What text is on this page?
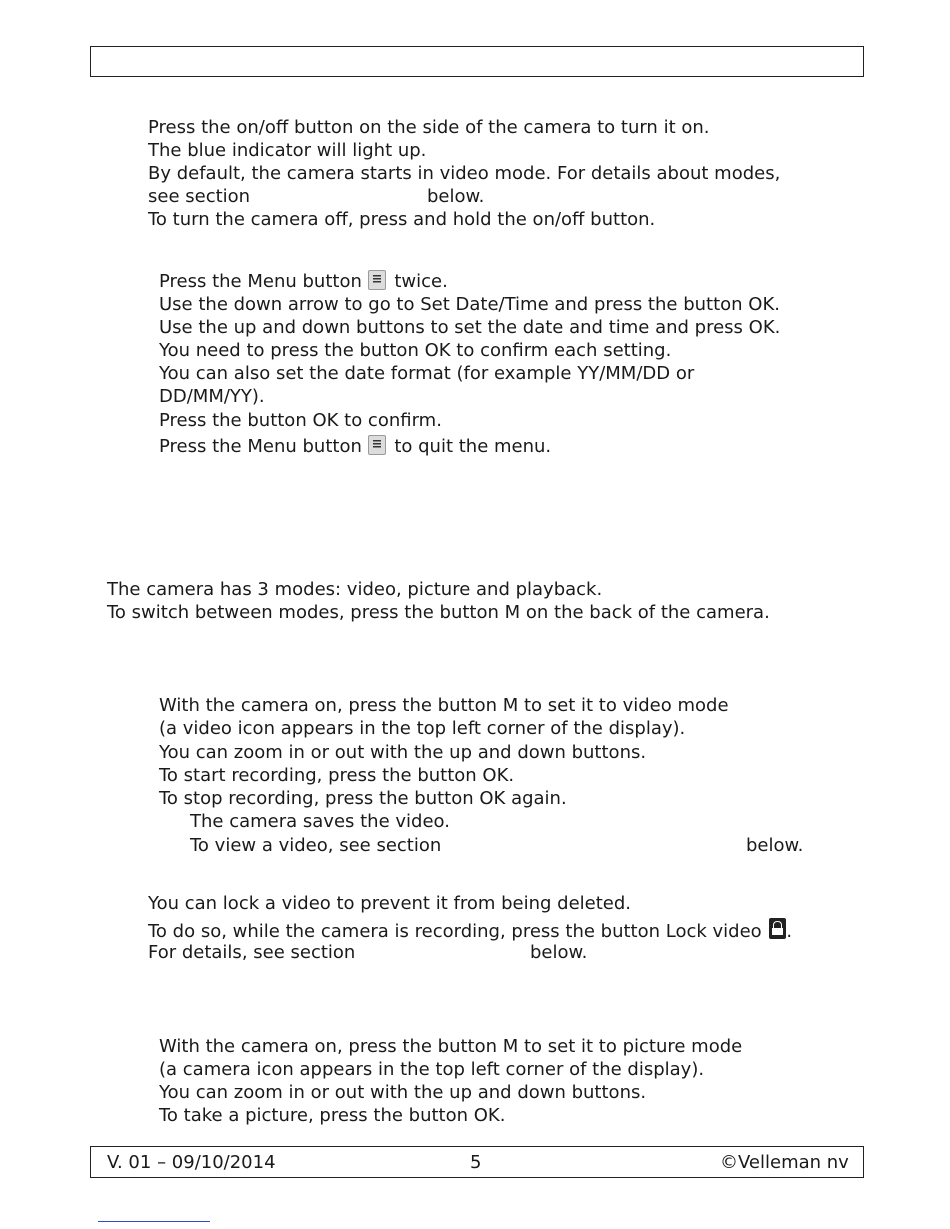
Press the on/off button on the side of the camera to turn it on.
The blue indicator will light up.
By default, the camera starts in video mode. For details about modes,
see section	below.
To turn the camera off, press and hold the on/off button.
Press the Menu button twice.
Use the down arrow to go to Set Date/Time and press the button OK.
Use the up and down buttons to set the date and time and press OK.
You need to press the button OK to confirm each setting.
You can also set the date format (for example YY/MM/DD or
DD/MM/YY).
Press the button OK to confirm.
Press the Menu button to quit the menu.
The camera has 3 modes: video, picture and playback.
To switch between modes, press the button M on the back of the camera.
With the camera on, press the button M to set it to video mode
(a video icon appears in the top left corner of the display).
You can zoom in or out with the up and down buttons.
To start recording, press the button OK.
To stop recording, press the button OK again.
The camera saves the video.
To view a video, see section	below.
You can lock a video to prevent it from being deleted.
To do so, while the camera is recording, press the button Lock video .
For details, see section	below.
With the camera on, press the button M to set it to picture mode
(a camera icon appears in the top left corner of the display).
You can zoom in or out with the up and down buttons.
To take a picture, press the button OK.
V. 01 – 09/10/2014	5	©Velleman nv
